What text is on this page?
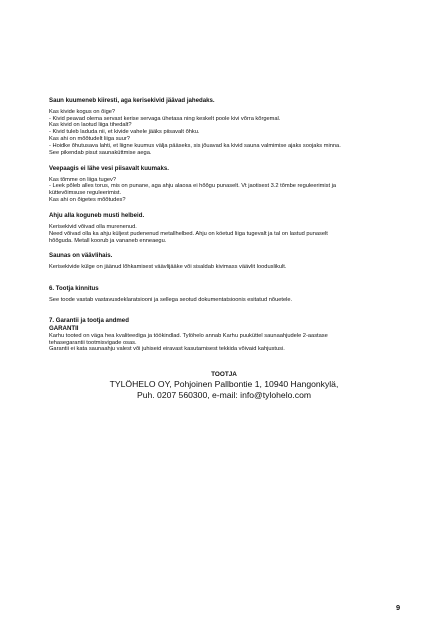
Saun kuumeneb kiiresti, aga kerisekivid jäävad jahedaks.

Kas kivide kogus on õige?

- Kivid peavad olema servast kerise servaga ühetasa ning keskelt poole kivi võrra kõrgemal.

Kas kivid on laotud liiga tihedalt?

- Kivid tuleb laduda nii, et kivide vahele jääks piisavalt õhku.

Kas ahi on mõõtudelt liiga suur?

- Hoidke õhutusava lahti, et liigne kuumus välja pääseks, sis jõuavad ka kivid sauna valmimise ajaks soojaks minna.

See pikendab pisut saunaküttmise aega.

Veepaagis ei lähe vesi piisavalt kuumaks.

Kas tõmme on liiga tugev?

- Leek põleb alles torus, mis on punane, aga ahju alaosa ei hõõgu punaselt. Vt jaotisest 3.2 tõmbe reguleerimist ja

küttevõimsuse reguleerimist.

Kas ahi on õigetes mõõtudes?

Ahju alla koguneb musti helbeid.

Kerisekivid võivad olla murenenud.

Need võivad olla ka ahju küljest pudenenud metallhelbed. Ahju on köetud liiga tugevalt ja tal on lastud punaselt

hõõguda. Metall koorub ja vananeb enneaegu.

Saunas on väävlihais.

Kerisekivide külge on jäänud lõhkamisest väävlijääke või sisaldab kivimass väävlit looduslikult.

6. Tootja kinnitus

See toode vastab vastavusdeklaratsiooni ja sellega seotud dokumentatsioonis esitatud nõuetele.

7. Garantii ja tootja andmed

GARANTII

Karhu tooted on väga hea kvaliteediga ja töökindlad. Tylöhelo annab Karhu puuküttel saunaahjudele 2-aastase

tehasegarantii tootmisvigade osas.

Garantii ei kata saunaahju valest või juhiseid eiravast kasutamisest tekkida võivaid kahjustusi.

TOOTJA

TYLÖHELO OY, Pohjoinen Pallbontie 1, 10940 Hangonkylä,

Puh. 0207 560300, e-mail: info@tylohelo.com

9
